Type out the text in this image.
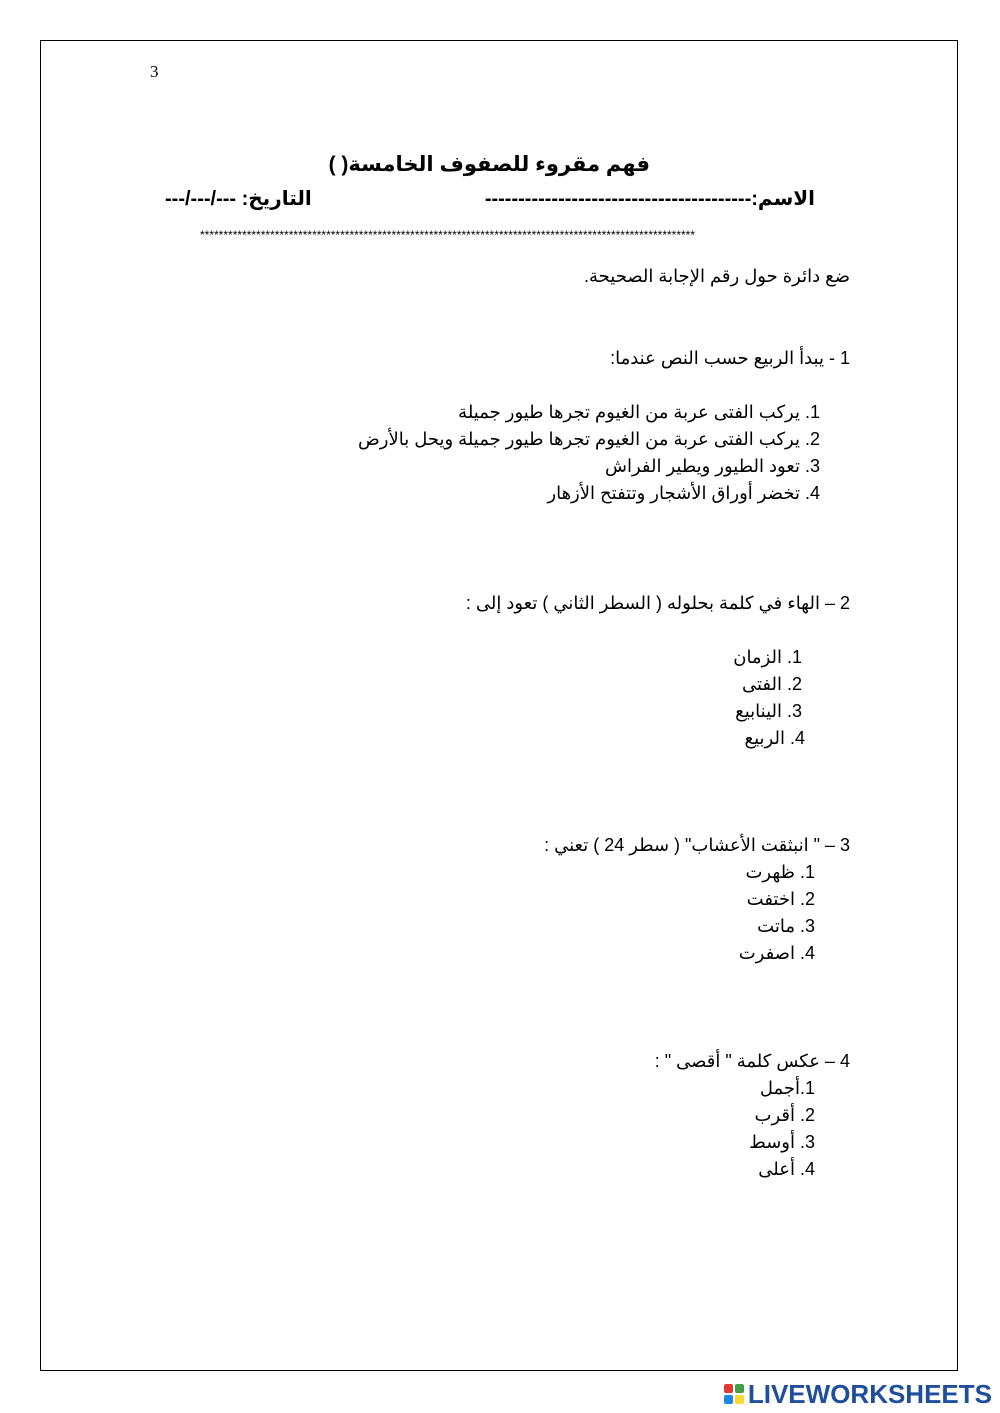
3
فهم مقروء للصفوف الخامسة( )
الاسم:----------------------------------------
التاريخ: ---/---/---
**********************************************************************************************************
ضع دائرة حول رقم الإجابة الصحيحة.
1 - يبدأ الربيع حسب النص عندما:
1. يركب الفتى عربة من الغيوم تجرها طيور جميلة
2. يركب الفتى عربة من الغيوم تجرها طيور جميلة ويحل بالأرض
3. تعود الطيور ويطير الفراش
4. تخضر أوراق الأشجار وتتفتح الأزهار
2 – الهاء في كلمة بحلوله ( السطر الثاني ) تعود إلى :
1. الزمان
2. الفتى
3. الينابيع
4. الربيع
3 – " انبثقت الأعشاب" ( سطر 24 ) تعني :
1. ظهرت
2. اختفت
3. ماتت
4. اصفرت
4 – عكس كلمة " أقصى " :
1.أجمل
2. أقرب
3. أوسط
4. أعلى
LIVEWORKSHEETS
